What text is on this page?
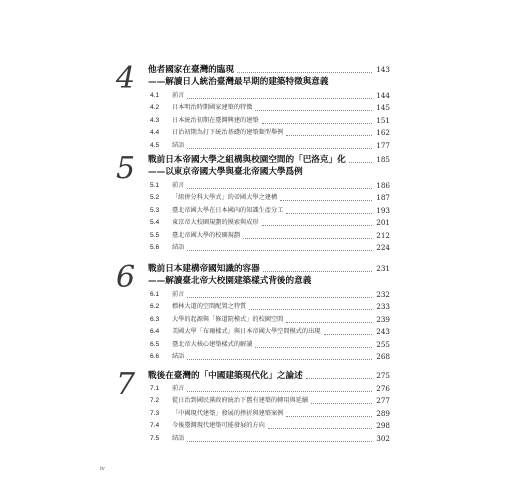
4 他者國家在臺灣的臨現	143
——解讀日人統治臺灣最早期的建築特徵與意義
4.1 前言	144
4.2 日本明治時期國家建築的特徵	145
4.3 日本統治初期在臺灣興建的建築	151
4.4 日治初期為打下統治基礎的建築類型舉例	162
4.5 結語	177
5 戰前日本帝國大學之組構與校園空間的「巴洛克」化	185
——以東京帝國大學與臺北帝國大學爲例
5.1 前言	186
5.2 「組併分科大學式」的帝國大學之建構	187
5.3 臺北帝國大學在日本國內的知識生產分工	193
5.4 東京帝大校園規劃的摸索與成形	201
5.5 臺北帝國大學的校園規劃	212
5.6 結語	224
6 戰前日本建構帝國知識的容器	231
——解讀臺北帝大校園建築樣式背後的意義
6.1 前言	232
6.2 標林大道的空間配置之特質	233
6.3 大學的起源與「修道院模式」的校園空間	239
6.4 美國大學「布爾樣式」與日本帝國大學空間模式的出現	243
6.5 臺北帝大核心建築樣式的解讀	255
6.6 結語	268
7 戰後在臺灣的「中國建築現代化」之論述	275
7.1 前言	276
7.2 從日治到國民黨政府統治下舊有建築的轉用與延續	277
7.3 「中國現代建築」發展的挫折與建築案例	289
7.4 今後臺灣現代建築可能發展的方向	298
7.5 結語	302
iv
